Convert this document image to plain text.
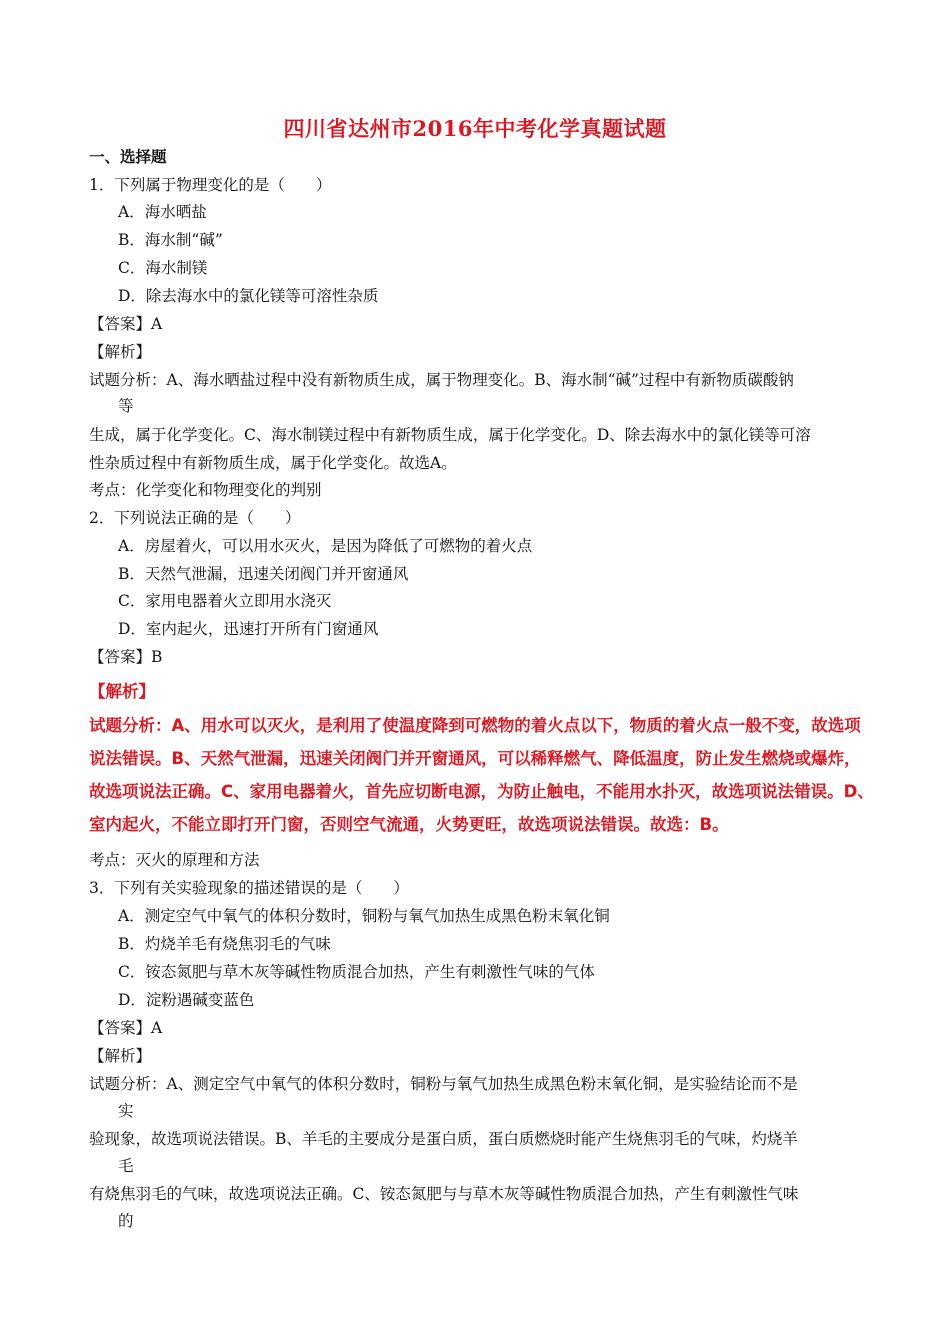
四川省达州市2016年中考化学真题试题
一、选择题
1．下列属于物理变化的是（　　）
A．海水晒盐
B．海水制“碱”
C．海水制镁
D．除去海水中的氯化镁等可溶性杂质
【答案】A
【解析】
试题分析：A、海水晒盐过程中没有新物质生成，属于物理变化。B、海水制“碱”过程中有新物质碳酸钠
等
生成，属于化学变化。C、海水制镁过程中有新物质生成，属于化学变化。D、除去海水中的氯化镁等可溶
性杂质过程中有新物质生成，属于化学变化。故选A。
考点：化学变化和物理变化的判别
2．下列说法正确的是（　　）
A．房屋着火，可以用水灭火，是因为降低了可燃物的着火点
B．天然气泄漏，迅速关闭阀门并开窗通风
C．家用电器着火立即用水浇灭
D．室内起火，迅速打开所有门窗通风
【答案】B
【解析】
试题分析：A、用水可以灭火，是利用了使温度降到可燃物的着火点以下，物质的着火点一般不变，故选项
说法错误。B、天然气泄漏，迅速关闭阀门并开窗通风，可以稀释燃气、降低温度，防止发生燃烧或爆炸，
故选项说法正确。C、家用电器着火，首先应切断电源，为防止触电，不能用水扑灭，故选项说法错误。D、
室内起火，不能立即打开门窗，否则空气流通，火势更旺，故选项说法错误。故选：B。
考点：灭火的原理和方法
3．下列有关实验现象的描述错误的是（　　）
A．测定空气中氧气的体积分数时，铜粉与氧气加热生成黑色粉末氧化铜
B．灼烧羊毛有烧焦羽毛的气味
C．铵态氮肥与草木灰等碱性物质混合加热，产生有刺激性气味的气体
D．淀粉遇碱变蓝色
【答案】A
【解析】
试题分析：A、测定空气中氧气的体积分数时，铜粉与氧气加热生成黑色粉末氧化铜，是实验结论而不是
实
验现象，故选项说法错误。B、羊毛的主要成分是蛋白质，蛋白质燃烧时能产生烧焦羽毛的气味，灼烧羊
毛
有烧焦羽毛的气味，故选项说法正确。C、铵态氮肥与与草木灰等碱性物质混合加热，产生有刺激性气味
的
